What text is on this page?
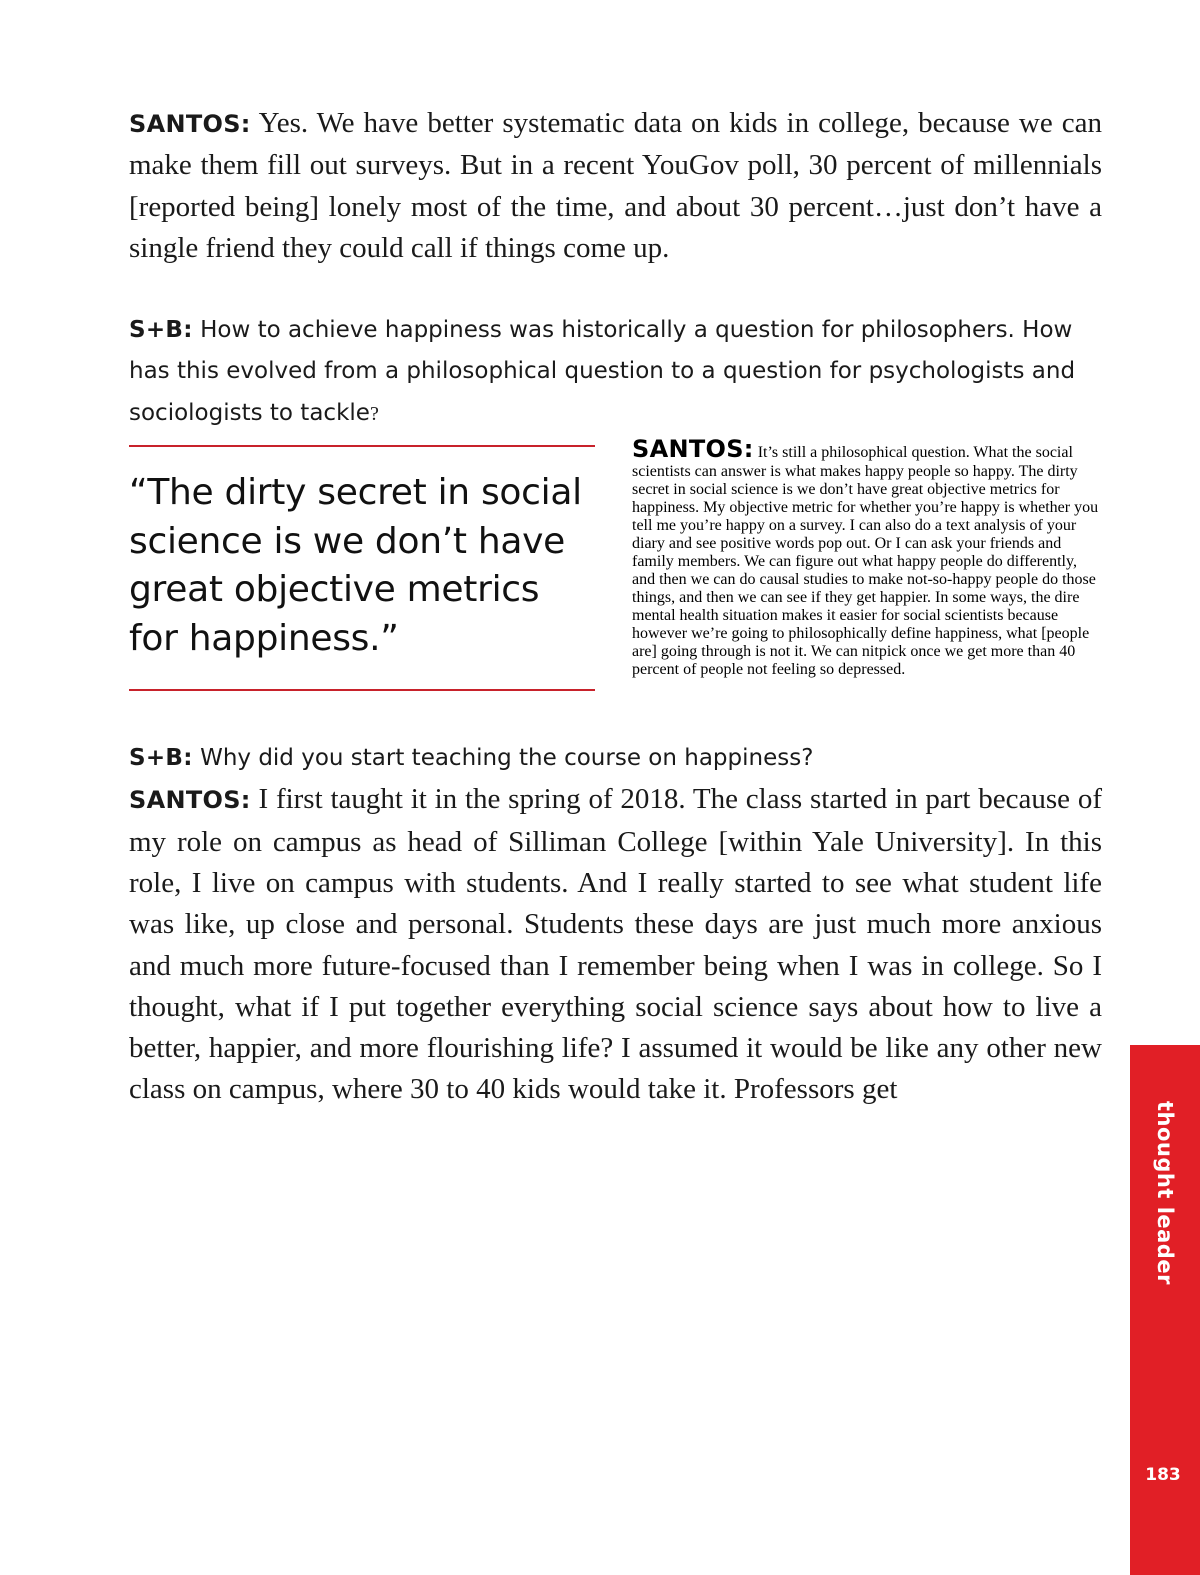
SANTOS: Yes. We have better systematic data on kids in college, because we can make them fill out surveys. But in a recent YouGov poll, 30 percent of millennials [reported being] lonely most of the time, and about 30 percent…just don’t have a single friend they could call if things come up.

S+B: How to achieve happiness was historically a question for philosophers. How has this evolved from a philosophical question to a question for psychologists and sociologists to tackle?

“The dirty secret in social science is we don’t have great objective metrics for happiness.”

SANTOS: It’s still a philosophical question. What the social scientists can answer is what makes happy people so happy. The dirty secret in social science is we don’t have great objective metrics for happiness. My objective metric for whether you’re happy is whether you tell me you’re happy on a survey. I can also do a text analysis of your diary and see positive words pop out. Or I can ask your friends and family members. We can figure out what happy people do differently, and then we can do causal studies to make not-so-happy people do those things, and then we can see if they get happier. In some ways, the dire mental health situation makes it easier for social scientists because however we’re going to philosophically define happiness, what [people are] going through is not it. We can nitpick once we get more than 40 percent of people not feeling so depressed.

S+B: Why did you start teaching the course on happiness?

SANTOS: I first taught it in the spring of 2018. The class started in part because of my role on campus as head of Silliman College [within Yale University]. In this role, I live on campus with students. And I really started to see what student life was like, up close and personal. Students these days are just much more anxious and much more future-focused than I remember being when I was in college. So I thought, what if I put together everything social science says about how to live a better, happier, and more flourishing life? I assumed it would be like any other new class on campus, where 30 to 40 kids would take it. Professors get

thought leader
183
